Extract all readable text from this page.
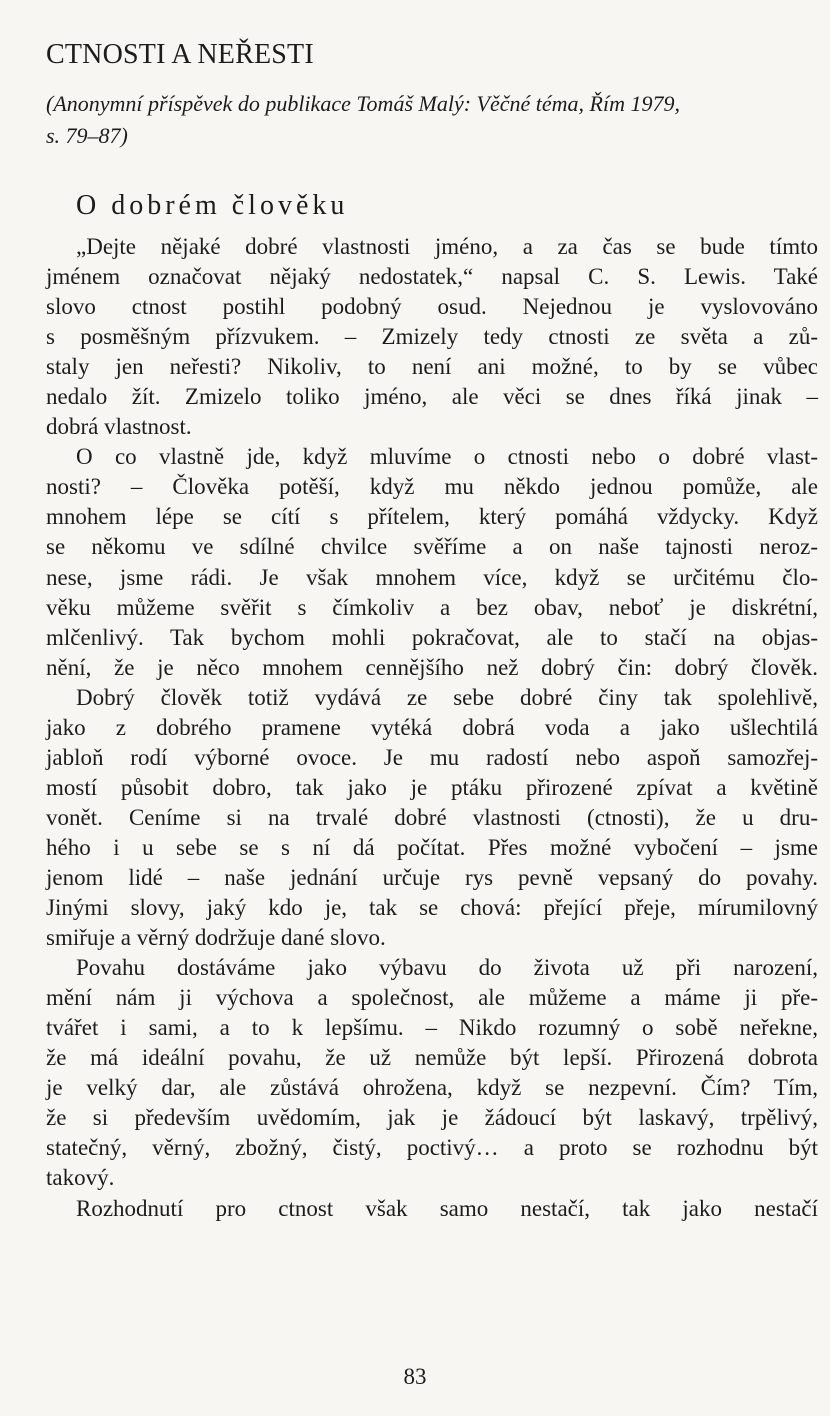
CTNOSTI A NEŘESTI
(Anonymní příspěvek do publikace Tomáš Malý: Věčné téma, Řím 1979,
s. 79–87)
O dobrém člověku
„Dejte nějaké dobré vlastnosti jméno, a za čas se bude tímto
jménem označovat nějaký nedostatek,“ napsal C. S. Lewis. Také
slovo ctnost postihl podobný osud. Nejednou je vyslovováno
s posměšným přízvukem. – Zmizely tedy ctnosti ze světa a zů-
staly jen neřesti? Nikoliv, to není ani možné, to by se vůbec
nedalo žít. Zmizelo toliko jméno, ale věci se dnes říká jinak –
dobrá vlastnost.
O co vlastně jde, když mluvíme o ctnosti nebo o dobré vlast-
nosti? – Člověka potěší, když mu někdo jednou pomůže, ale
mnohem lépe se cítí s přítelem, který pomáhá vždycky. Když
se někomu ve sdílné chvilce svěříme a on naše tajnosti neroz-
nese, jsme rádi. Je však mnohem více, když se určitému člo-
věku můžeme svěřit s čímkoliv a bez obav, neboť je diskrétní,
mlčenlivý. Tak bychom mohli pokračovat, ale to stačí na objas-
nění, že je něco mnohem cennějšího než dobrý čin: dobrý člověk.
Dobrý člověk totiž vydává ze sebe dobré činy tak spolehlivě,
jako z dobrého pramene vytéká dobrá voda a jako ušlechtilá
jabloň rodí výborné ovoce. Je mu radostí nebo aspoň samozřej-
mostí působit dobro, tak jako je ptáku přirozené zpívat a květině
vonět. Ceníme si na trvalé dobré vlastnosti (ctnosti), že u dru-
hého i u sebe se s ní dá počítat. Přes možné vybočení – jsme
jenom lidé – naše jednání určuje rys pevně vepsaný do povahy.
Jinými slovy, jaký kdo je, tak se chová: přející přeje, mírumilovný
smiřuje a věrný dodržuje dané slovo.
Povahu dostáváme jako výbavu do života už při narození,
mění nám ji výchova a společnost, ale můžeme a máme ji pře-
tvářet i sami, a to k lepšímu. – Nikdo rozumný o sobě neřekne,
že má ideální povahu, že už nemůže být lepší. Přirozená dobrota
je velký dar, ale zůstává ohrožena, když se nezpevní. Čím? Tím,
že si především uvědomím, jak je žádoucí být laskavý, trpělivý,
statečný, věrný, zbožný, čistý, poctivý… a proto se rozhodnu být
takový.
Rozhodnutí pro ctnost však samo nestačí, tak jako nestačí
83
